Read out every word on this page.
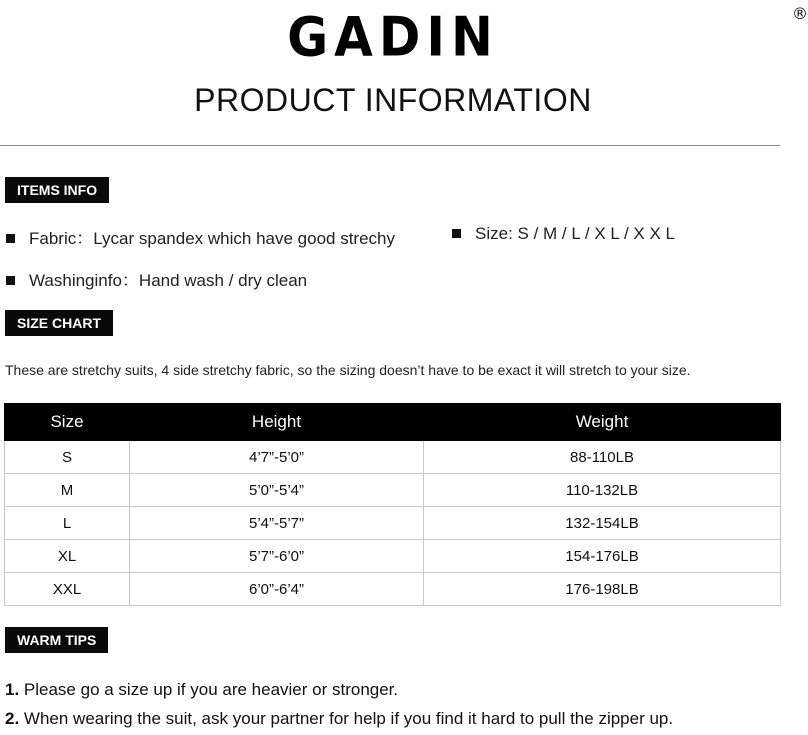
GADIN	®
PRODUCT INFORMATION
ITEMS INFO
Fabric：Lycar spandex which have good strechy	Size: S / M / L / X L / X X L
Washinginfo：Hand wash / dry clean
SIZE CHART
These are stretchy suits, 4 side stretchy fabric, so the sizing doesn’t have to be exact it will stretch to your size.
Size	Height	Weight
S	4’7”-5’0”	88-110LB
M	5’0”-5’4”	110-132LB
L	5’4”-5’7”	132-154LB
XL	5’7”-6’0”	154-176LB
XXL	6’0”-6’4”	176-198LB
WARM TIPS
1. Please go a size up if you are heavier or stronger.
2. When wearing the suit, ask your partner for help if you find it hard to pull the zipper up.
